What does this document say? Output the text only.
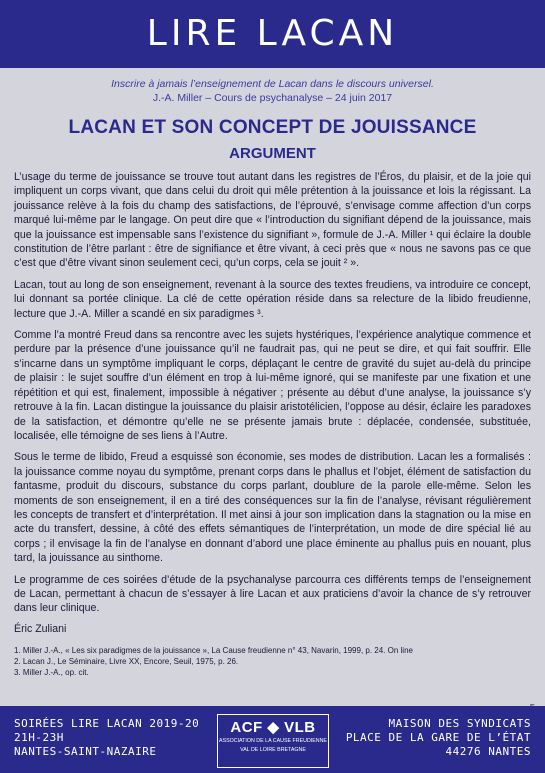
LIRE LACAN
Inscrire à jamais l’enseignement de Lacan dans le discours universel.
J.-A. Miller – Cours de psychanalyse – 24 juin 2017
LACAN ET SON CONCEPT DE JOUISSANCE
ARGUMENT

L’usage du terme de jouissance se trouve tout autant dans les registres de l’Éros, du plaisir, et de la joie qui impliquent un corps vivant, que dans celui du droit qui mêle prétention à la jouissance et lois la régissant. La jouissance relève à la fois du champ des satisfactions, de l’éprouvé, s’envisage comme affection d’un corps marqué lui-même par le langage. On peut dire que « l’introduction du signifiant dépend de la jouissance, mais que la jouissance est impensable sans l’existence du signifiant », formule de J.-A. Miller ¹ qui éclaire la double constitution de l’être parlant : être de signifiance et être vivant, à ceci près que « nous ne savons pas ce que c’est que d’être vivant sinon seulement ceci, qu’un corps, cela se jouit ² ».

Lacan, tout au long de son enseignement, revenant à la source des textes freudiens, va introduire ce concept, lui donnant sa portée clinique. La clé de cette opération réside dans sa relecture de la libido freudienne, lecture que J.-A. Miller a scandé en six paradigmes ³.

Comme l’a montré Freud dans sa rencontre avec les sujets hystériques, l’expérience analytique commence et perdure par la présence d’une jouissance qu’il ne faudrait pas, qui ne peut se dire, et qui fait souffrir. Elle s’incarne dans un symptôme impliquant le corps, déplaçant le centre de gravité du sujet au-delà du principe de plaisir : le sujet souffre d’un élément en trop à lui-même ignoré, qui se manifeste par une fixation et une répétition et qui est, finalement, impossible à négativer ; présente au début d’une analyse, la jouissance s’y retrouve à la fin. Lacan distingue la jouissance du plaisir aristotélicien, l’oppose au désir, éclaire les paradoxes de la satisfaction, et démontre qu’elle ne se présente jamais brute : déplacée, condensée, substituée, localisée, elle témoigne de ses liens à l’Autre.

Sous le terme de libido, Freud a esquissé son économie, ses modes de distribution. Lacan les a formalisés : la jouissance comme noyau du symptôme, prenant corps dans le phallus et l’objet, élément de satisfaction du fantasme, produit du discours, substance du corps parlant, doublure de la parole elle-même. Selon les moments de son enseignement, il en a tiré des conséquences sur la fin de l’analyse, révisant régulièrement les concepts de transfert et d’interprétation. Il met ainsi à jour son implication dans la stagnation ou la mise en acte du transfert, dessine, à côté des effets sémantiques de l’interprétation, un mode de dire spécial lié au corps ; il envisage la fin de l’analyse en donnant d’abord une place éminente au phallus puis en nouant, plus tard, la jouissance au sinthome.

Le programme de ces soirées d’étude de la psychanalyse parcourra ces différents temps de l’enseignement de Lacan, permettant à chacun de s’essayer à lire Lacan et aux praticiens d’avoir la chance de s’y retrouver dans leur clinique.

Éric Zuliani
1. Miller J.-A., « Les six paradigmes de la jouissance », La Cause freudienne n° 43, Navarin, 1999, p. 24. On line
2. Lacan J., Le Séminaire, Livre XX, Encore, Seuil, 1975, p. 26.
3. Miller J.-A., op. cit.
SOIRÉES LIRE LACAN 2019-20
21H-23H
NANTES-SAINT-NAZAIRE
ACF ◆ VLB
ASSOCIATION DE LA CAUSE FREUDIENNE
VAL DE LOIRE BRETAGNE
MAISON DES SYNDICATS
PLACE DE LA GARE DE L’ÉTAT
44276 NANTES
